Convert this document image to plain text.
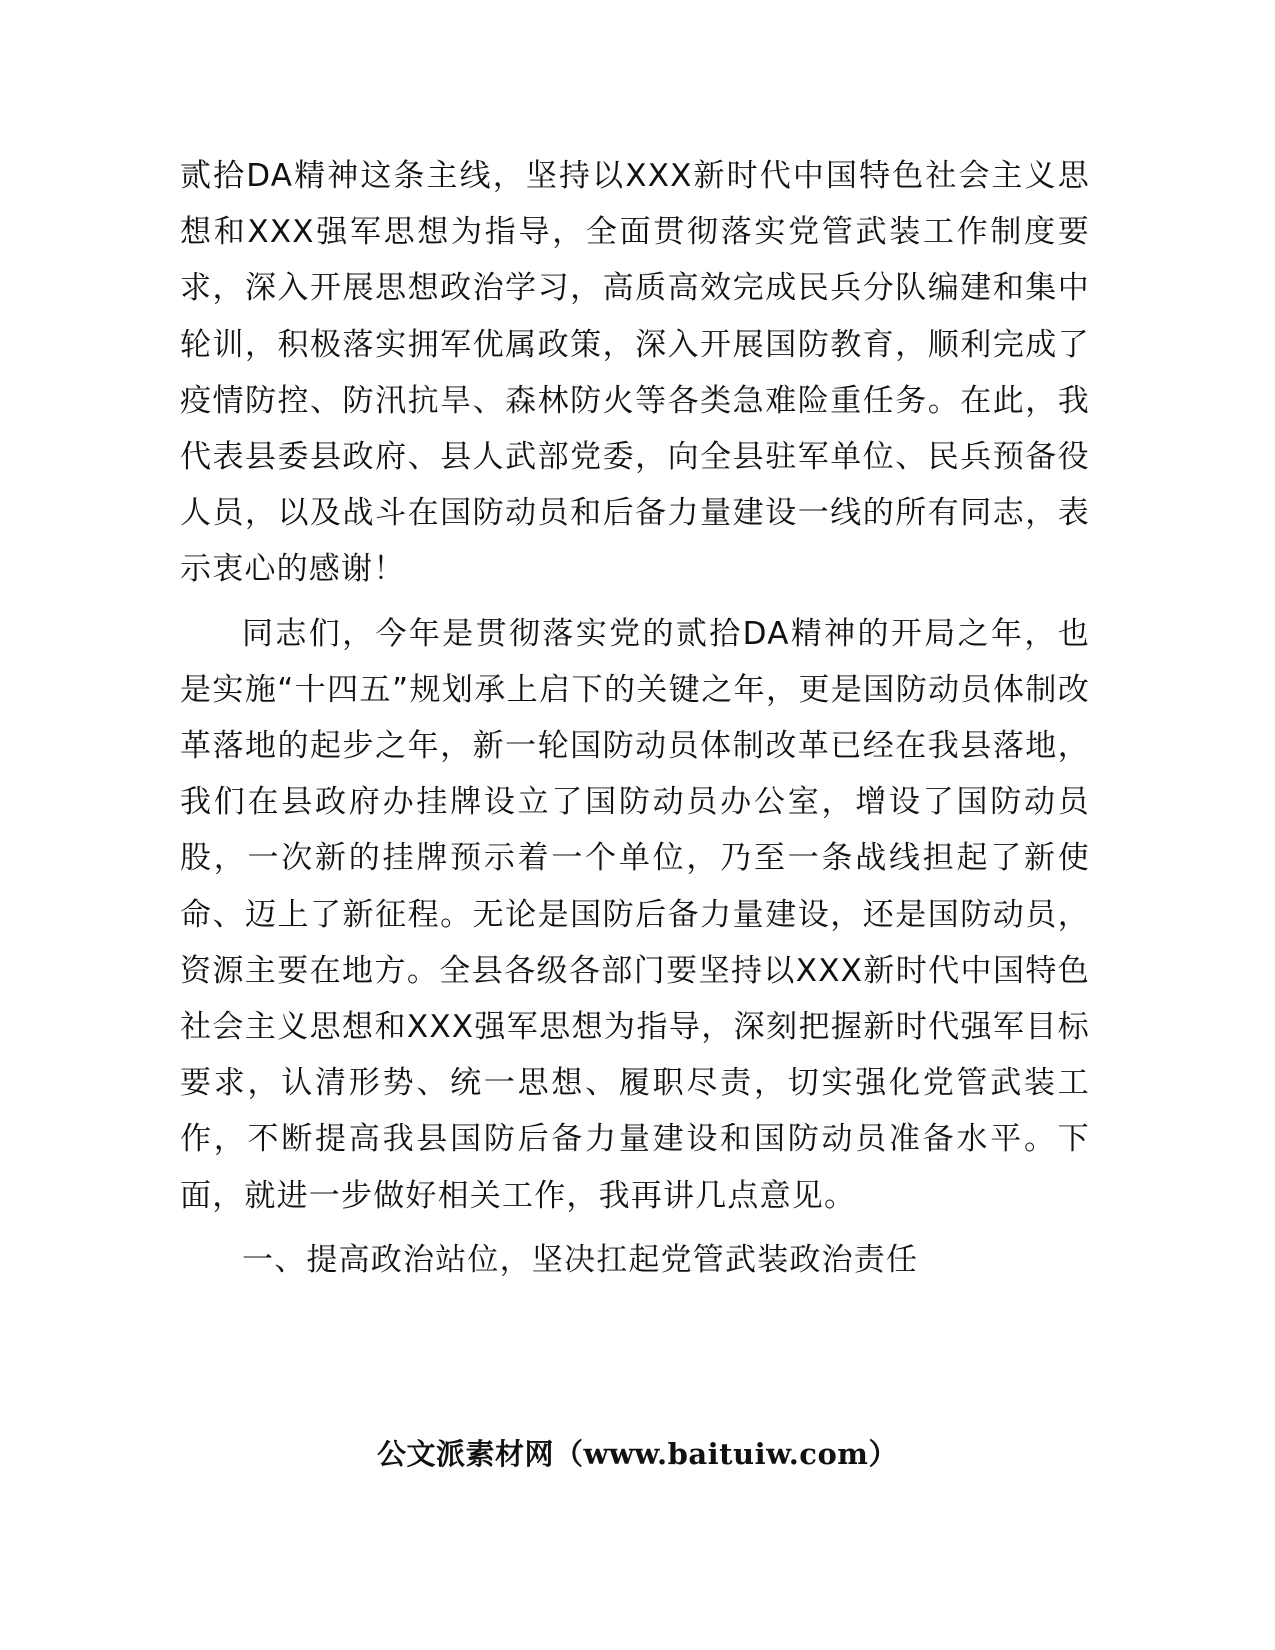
贰拾DA精神这条主线，坚持以XXX新时代中国特色社会主义思想和XXX强军思想为指导，全面贯彻落实党管武装工作制度要求，深入开展思想政治学习，高质高效完成民兵分队编建和集中轮训，积极落实拥军优属政策，深入开展国防教育，顺利完成了疫情防控、防汛抗旱、森林防火等各类急难险重任务。在此，我代表县委县政府、县人武部党委，向全县驻军单位、民兵预备役人员，以及战斗在国防动员和后备力量建设一线的所有同志，表示衷心的感谢！

同志们，今年是贯彻落实党的贰拾DA精神的开局之年，也是实施“十四五”规划承上启下的关键之年，更是国防动员体制改革落地的起步之年，新一轮国防动员体制改革已经在我县落地，我们在县政府办挂牌设立了国防动员办公室，增设了国防动员股，一次新的挂牌预示着一个单位，乃至一条战线担起了新使命、迈上了新征程。无论是国防后备力量建设，还是国防动员，资源主要在地方。全县各级各部门要坚持以XXX新时代中国特色社会主义思想和XXX强军思想为指导，深刻把握新时代强军目标要求，认清形势、统一思想、履职尽责，切实强化党管武装工作，不断提高我县国防后备力量建设和国防动员准备水平。下面，就进一步做好相关工作，我再讲几点意见。

一、提高政治站位，坚决扛起党管武装政治责任

公文派素材网（www.baituiw.com）
